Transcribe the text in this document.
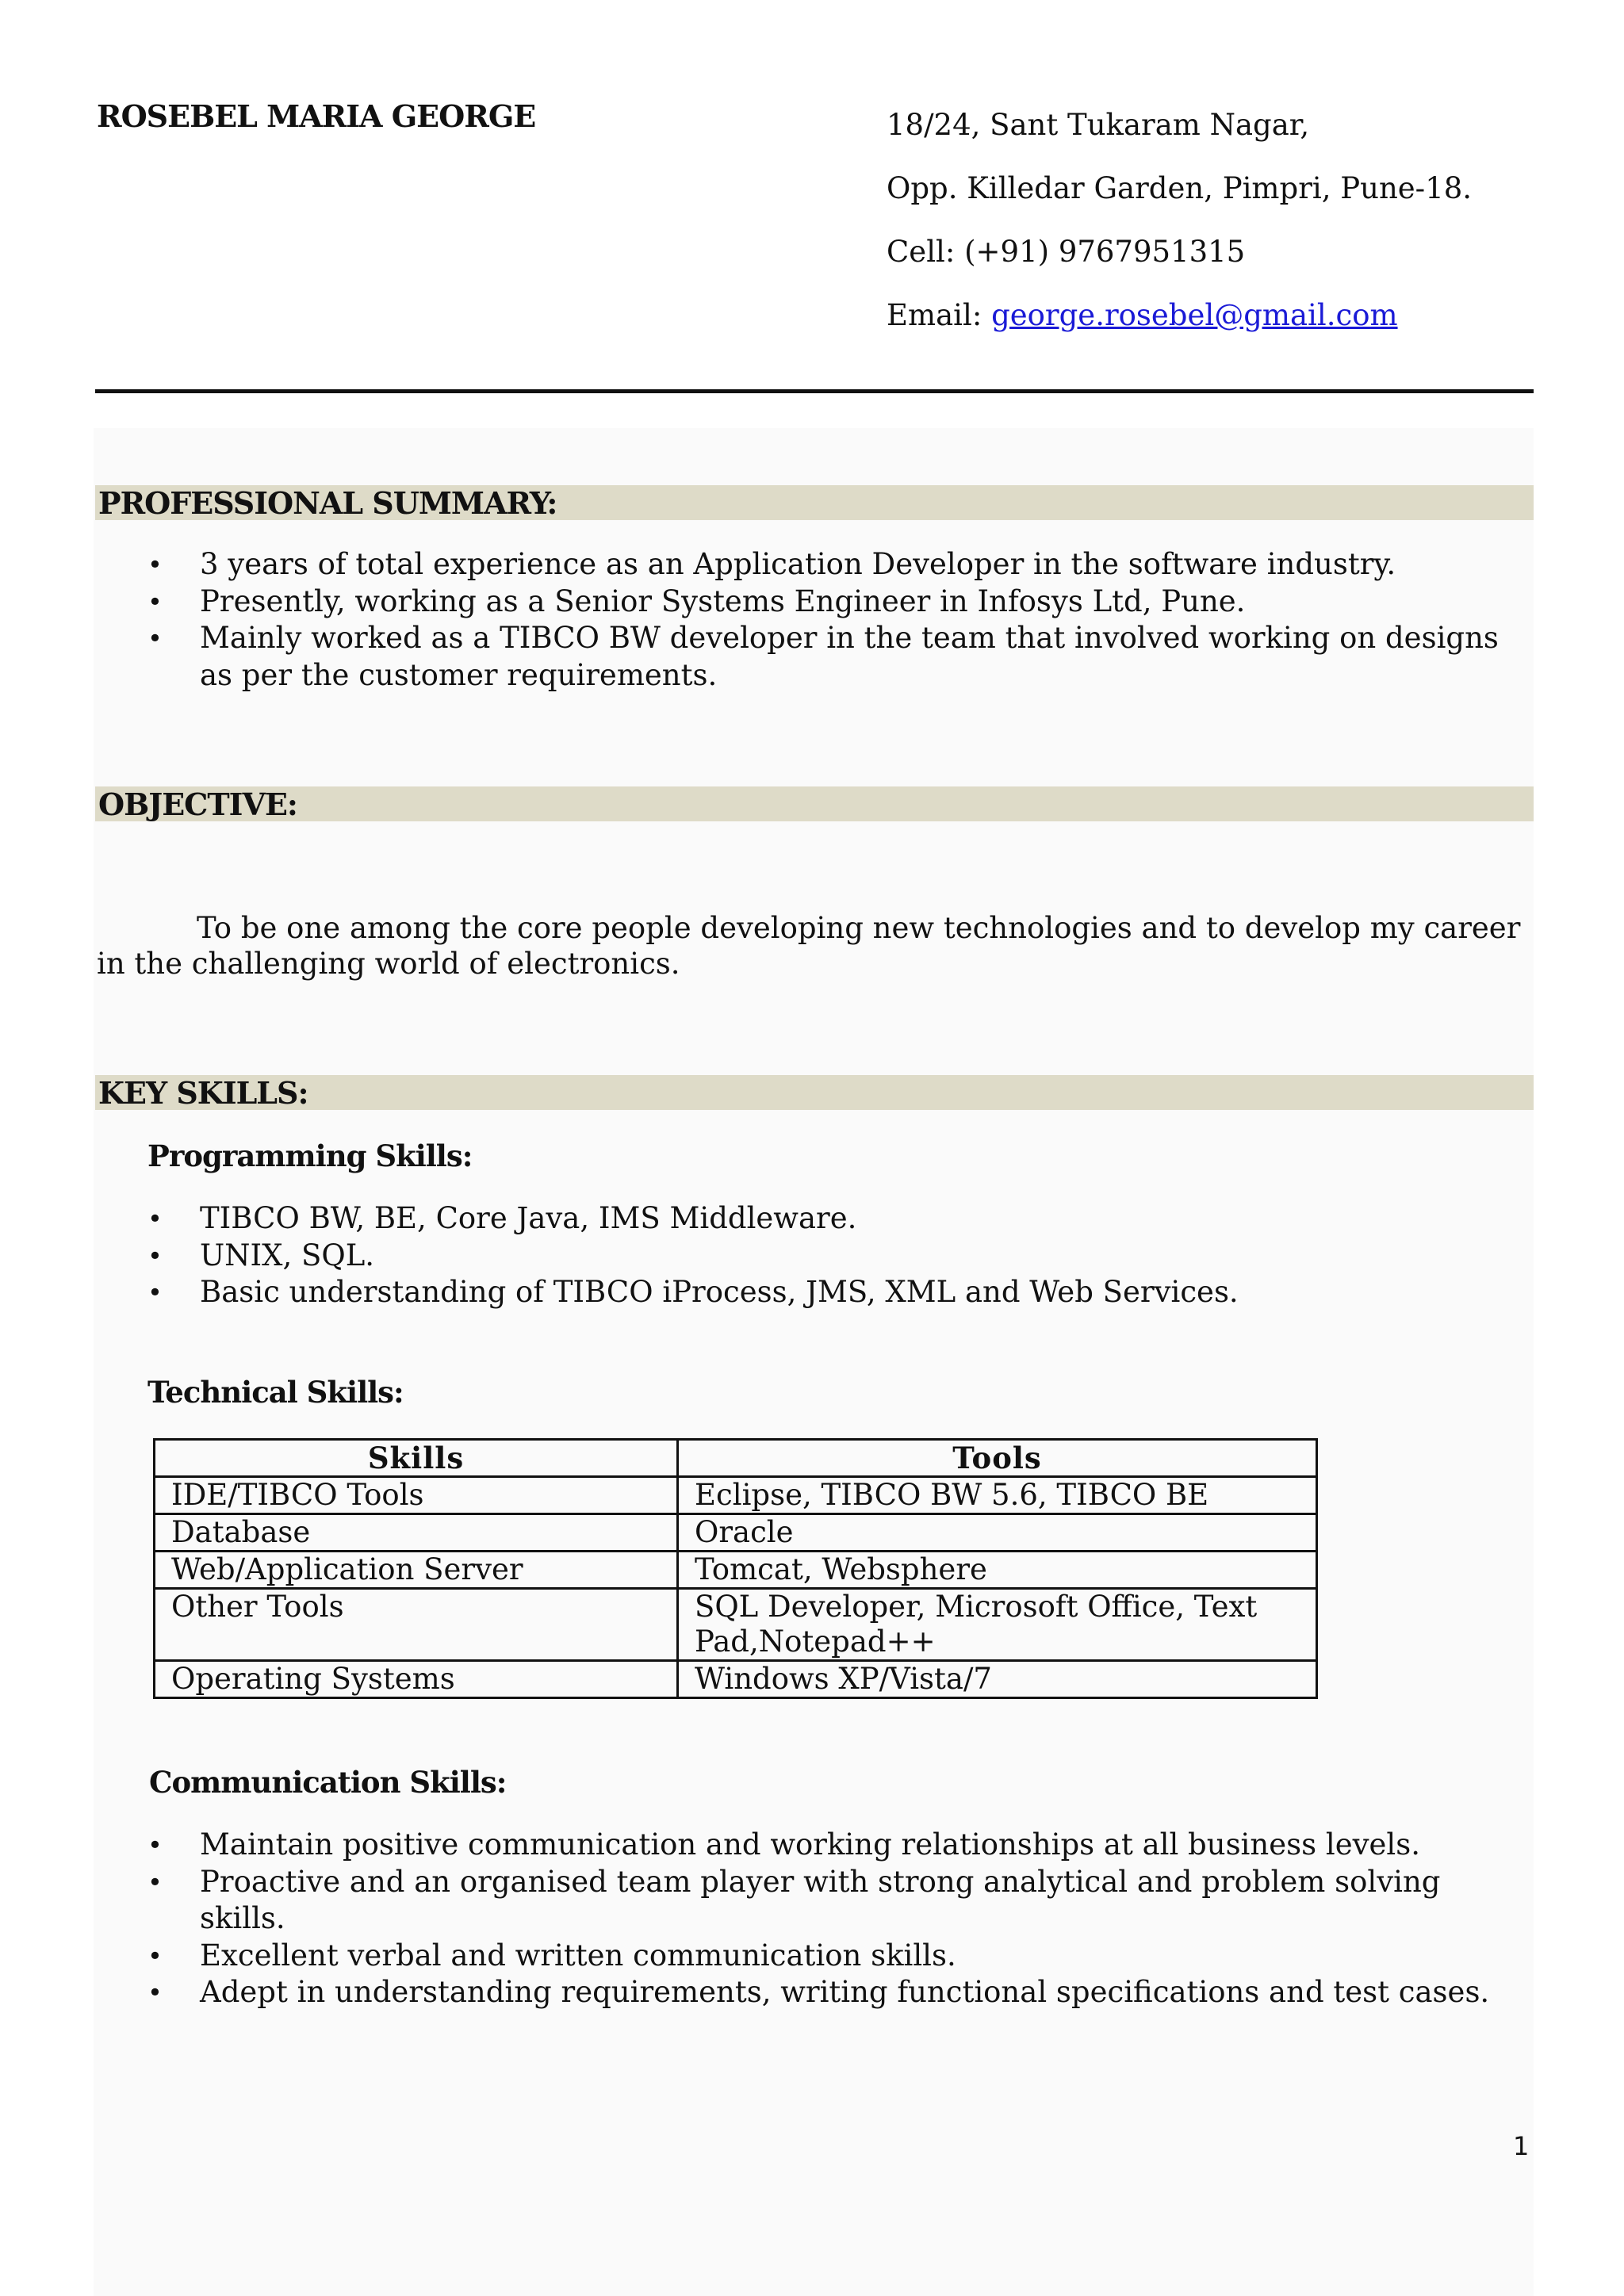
ROSEBEL MARIA GEORGE	18/24, Sant Tukaram Nagar,
Opp. Killedar Garden, Pimpri, Pune-18.
Cell: (+91) 9767951315
Email: george.rosebel@gmail.com
PROFESSIONAL SUMMARY:
• 3 years of total experience as an Application Developer in the software industry.
• Presently, working as a Senior Systems Engineer in Infosys Ltd, Pune.
• Mainly worked as a TIBCO BW developer in the team that involved working on designs as per the customer requirements.
OBJECTIVE:

To be one among the core people developing new technologies and to develop my career in the challenging world of electronics.

KEY SKILLS:
Programming Skills:
• TIBCO BW, BE, Core Java, IMS Middleware.
• UNIX, SQL.
• Basic understanding of TIBCO iProcess, JMS, XML and Web Services.
Technical Skills:
Skills	Tools
IDE/TIBCO Tools	Eclipse, TIBCO BW 5.6, TIBCO BE
Database	Oracle
Web/Application Server	Tomcat, Websphere
Other Tools	SQL Developer, Microsoft Office, Text Pad,Notepad++
Operating Systems	Windows XP/Vista/7
Communication Skills:
• Maintain positive communication and working relationships at all business levels.
• Proactive and an organised team player with strong analytical and problem solving skills.
• Excellent verbal and written communication skills.
• Adept in understanding requirements, writing functional specifications and test cases.
1
